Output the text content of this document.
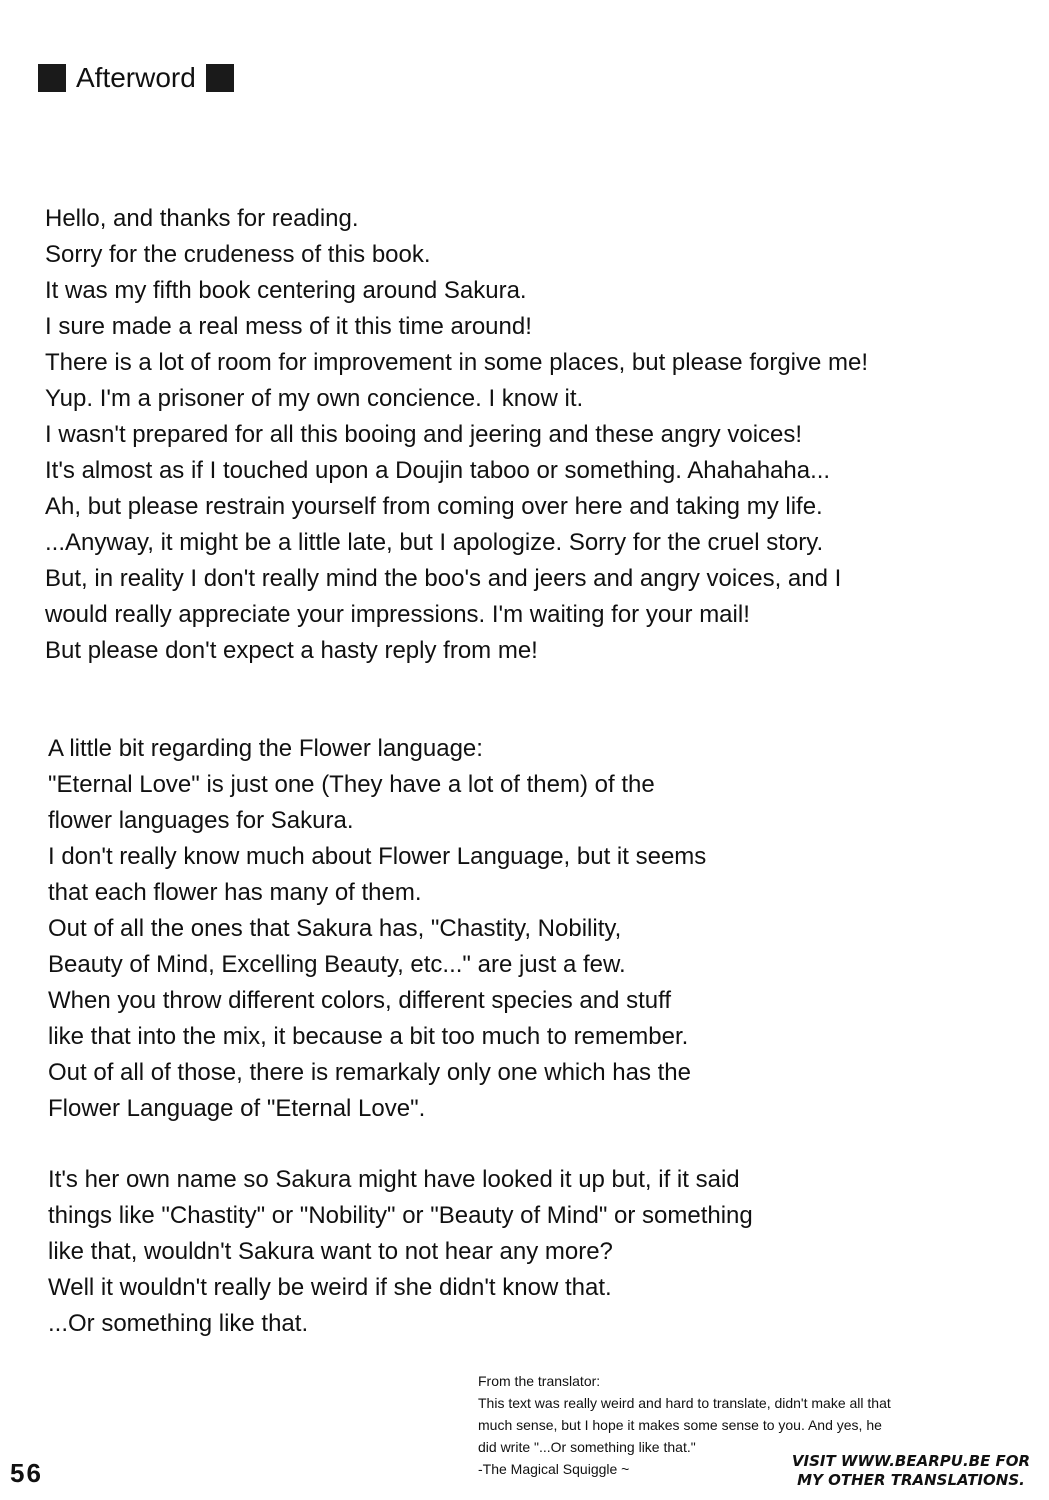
Afterword
Hello, and thanks for reading.
Sorry for the crudeness of this book.
It was my fifth book centering around Sakura.
I sure made a real mess of it this time around!
There is a lot of room for improvement in some places, but please forgive me!
Yup. I'm a prisoner of my own concience. I know it.
I wasn't prepared for all this booing and jeering and these angry voices!
It's almost as if I touched upon a Doujin taboo or something. Ahahahaha...
Ah, but please restrain yourself from coming over here and taking my life.
...Anyway, it might be a little late, but I apologize. Sorry for the cruel story.
But, in reality I don't really mind the boo's and jeers and angry voices, and I
would really appreciate your impressions. I'm waiting for your mail!
But please don't expect a hasty reply from me!
A little bit regarding the Flower language:
"Eternal Love" is just one (They have a lot of them) of the
flower languages for Sakura.
I don't really know much about Flower Language, but it seems
that each flower has many of them.
Out of all the ones that Sakura has, "Chastity, Nobility,
Beauty of Mind, Excelling Beauty, etc..." are just a few.
When you throw different colors, different species and stuff
like that into the mix, it because a bit too much to remember.
Out of all of those, there is remarkaly only one which has the
Flower Language of "Eternal Love".
It's her own name so Sakura might have looked it up but, if it said
things like "Chastity" or "Nobility" or "Beauty of Mind" or something
like that, wouldn't Sakura want to not hear any more?
Well it wouldn't really be weird if she didn't know that.
...Or something like that.
From the translator:
This text was really weird and hard to translate, didn't make all that
much sense, but I hope it makes some sense to you. And yes, he
did write "...Or something like that."
-The Magical Squiggle ~
56	VISIT WWW.BEARPU.BE FOR
MY OTHER TRANSLATIONS.
